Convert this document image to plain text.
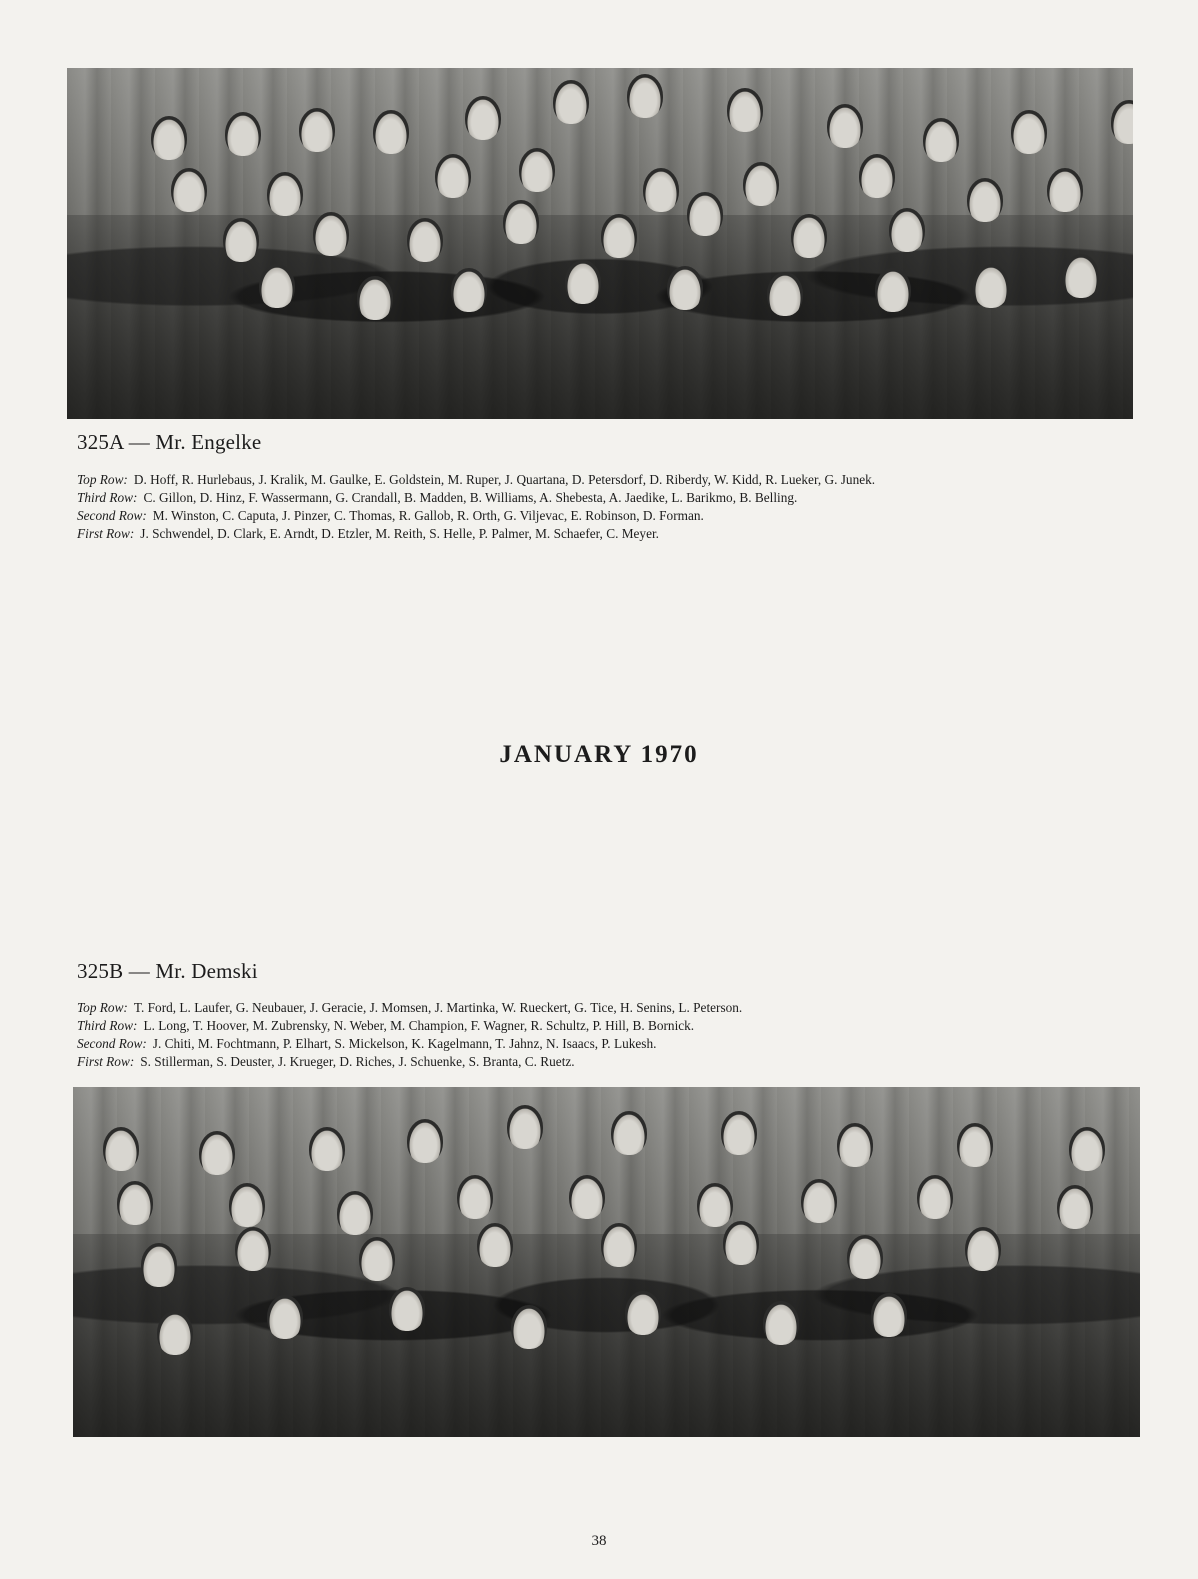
325A — Mr. Engelke

Top Row: D. Hoff, R. Hurlebaus, J. Kralik, M. Gaulke, E. Goldstein, M. Ruper, J. Quartana, D. Petersdorf, D. Riberdy, W. Kidd, R. Lueker, G. Junek.

Third Row: C. Gillon, D. Hinz, F. Wassermann, G. Crandall, B. Madden, B. Williams, A. Shebesta, A. Jaedike, L. Barikmo, B. Belling.

Second Row: M. Winston, C. Caputa, J. Pinzer, C. Thomas, R. Gallob, R. Orth, G. Viljevac, E. Robinson, D. Forman.

First Row: J. Schwendel, D. Clark, E. Arndt, D. Etzler, M. Reith, S. Helle, P. Palmer, M. Schaefer, C. Meyer.

JANUARY 1970
325B — Mr. Demski

Top Row: T. Ford, L. Laufer, G. Neubauer, J. Geracie, J. Momsen, J. Martinka, W. Rueckert, G. Tice, H. Senins, L. Peterson.

Third Row: L. Long, T. Hoover, M. Zubrensky, N. Weber, M. Champion, F. Wagner, R. Schultz, P. Hill, B. Bornick.

Second Row: J. Chiti, M. Fochtmann, P. Elhart, S. Mickelson, K. Kagelmann, T. Jahnz, N. Isaacs, P. Lukesh.

First Row: S. Stillerman, S. Deuster, J. Krueger, D. Riches, J. Schuenke, S. Branta, C. Ruetz.

38
